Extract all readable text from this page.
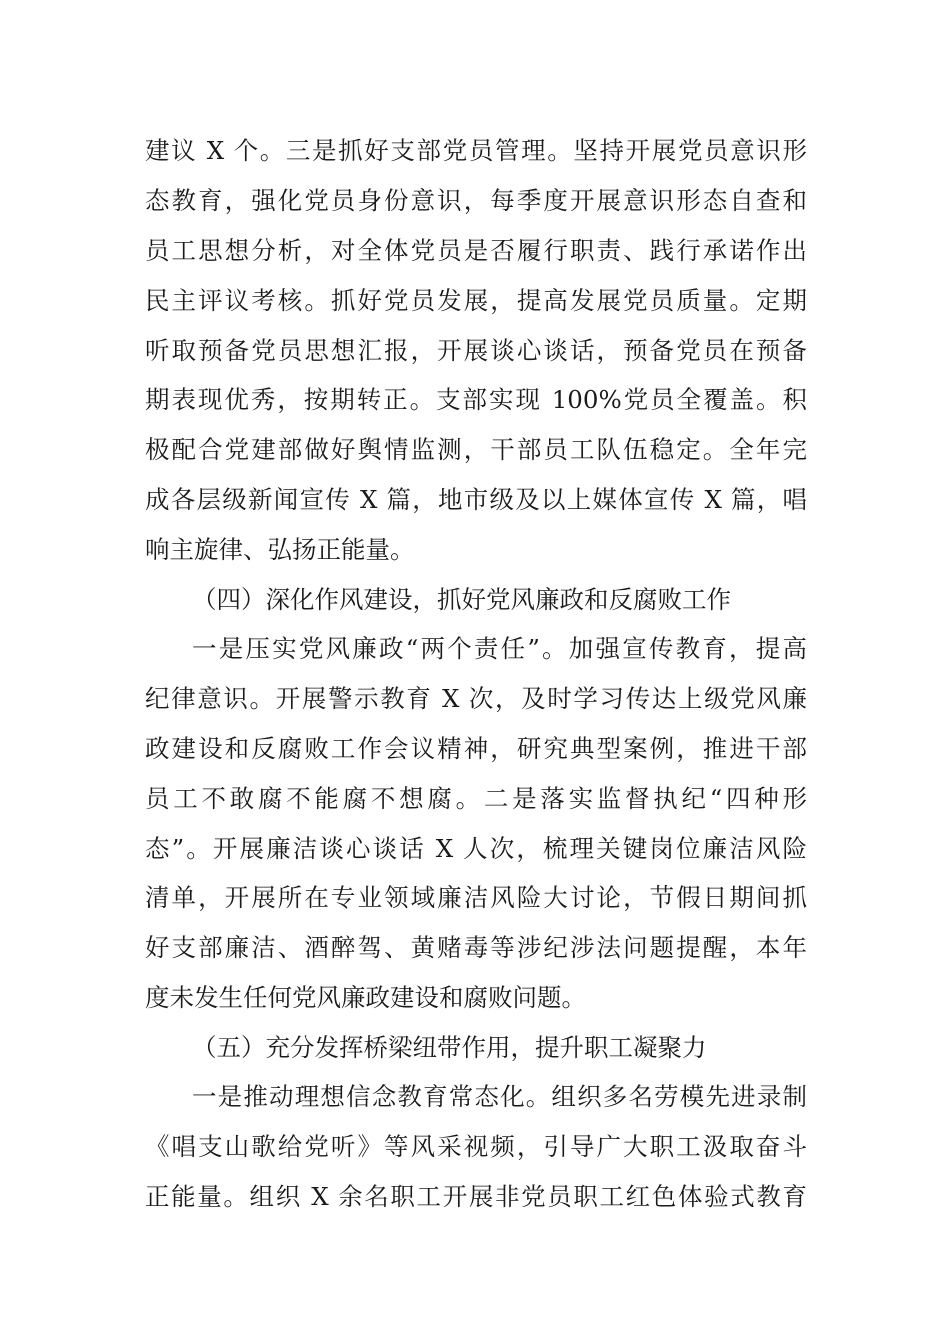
建议 X 个。三是抓好支部党员管理。坚持开展党员意识形
态教育，强化党员身份意识，每季度开展意识形态自查和
员工思想分析，对全体党员是否履行职责、践行承诺作出
民主评议考核。抓好党员发展，提高发展党员质量。定期
听取预备党员思想汇报，开展谈心谈话，预备党员在预备
期表现优秀，按期转正。支部实现 100%党员全覆盖。积
极配合党建部做好舆情监测，干部员工队伍稳定。全年完
成各层级新闻宣传 X 篇，地市级及以上媒体宣传 X 篇，唱
响主旋律、弘扬正能量。
（四）深化作风建设，抓好党风廉政和反腐败工作
一是压实党风廉政“两个责任”。加强宣传教育，提高
纪律意识。开展警示教育 X 次，及时学习传达上级党风廉
政建设和反腐败工作会议精神，研究典型案例，推进干部
员工不敢腐不能腐不想腐。二是落实监督执纪“四种形
态”。开展廉洁谈心谈话 X 人次，梳理关键岗位廉洁风险
清单，开展所在专业领域廉洁风险大讨论，节假日期间抓
好支部廉洁、酒醉驾、黄赌毒等涉纪涉法问题提醒，本年
度未发生任何党风廉政建设和腐败问题。
（五）充分发挥桥梁纽带作用，提升职工凝聚力
一是推动理想信念教育常态化。组织多名劳模先进录制
《唱支山歌给党听》等风采视频，引导广大职工汲取奋斗
正能量。组织 X 余名职工开展非党员职工红色体验式教育
